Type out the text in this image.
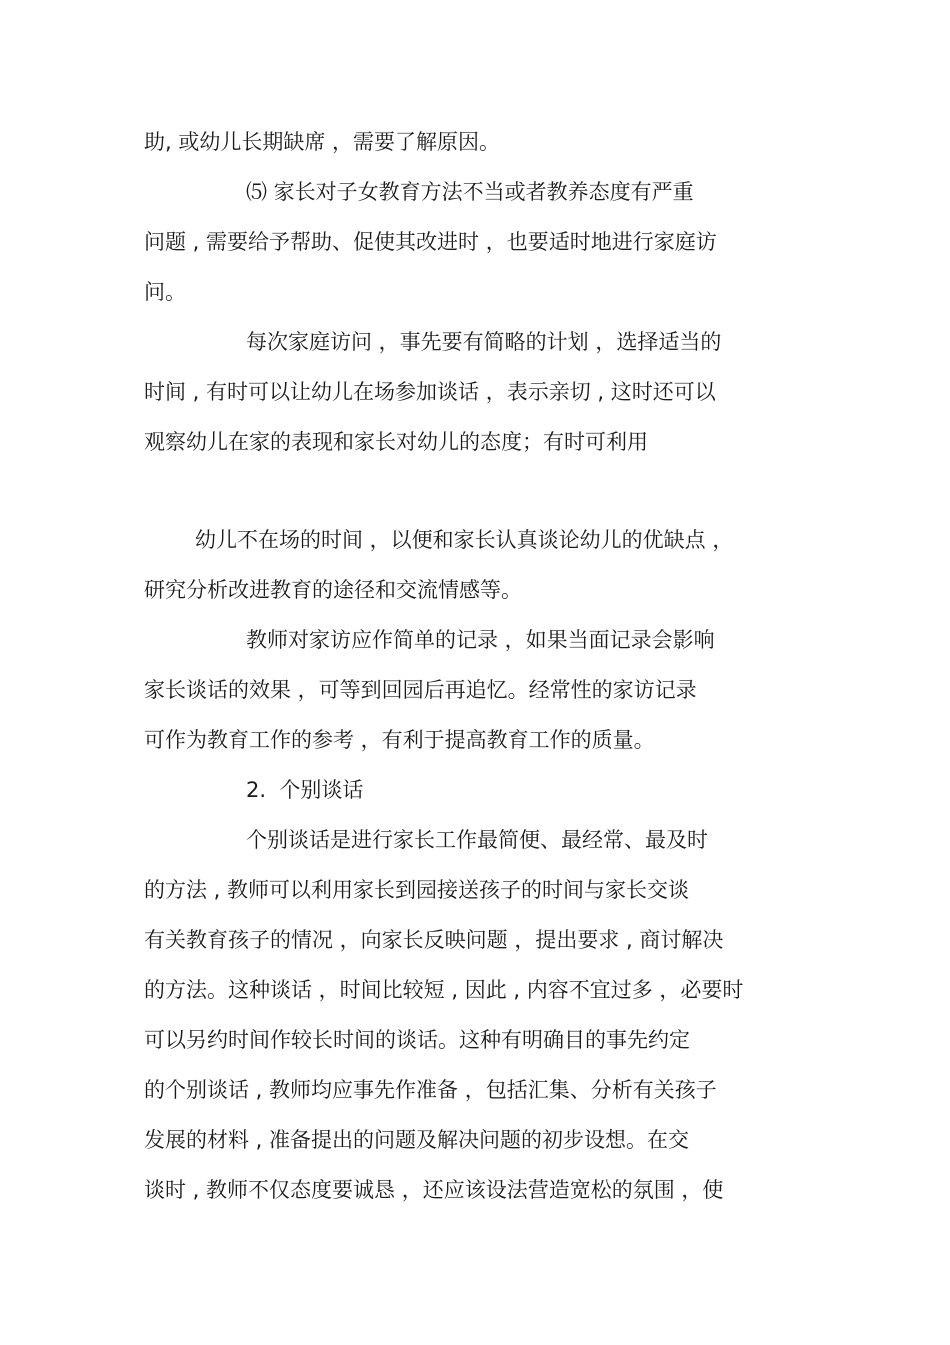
助, 或幼儿长期缺席 ，需要了解原因。
⑸ 家长对子女教育方法不当或者教养态度有严重
问题 , 需要给予帮助、促使其改进时 ，也要适时地进行家庭访
问。
每次家庭访问 ，事先要有简略的计划 ，选择适当的
时间 , 有时可以让幼儿在场参加谈话 ，表示亲切 , 这时还可以
观察幼儿在家的表现和家长对幼儿的态度；有时可利用
幼儿不在场的时间 ，以便和家长认真谈论幼儿的优缺点 ，
研究分析改进教育的途径和交流情感等。
教师对家访应作简单的记录 ，如果当面记录会影响
家长谈话的效果 ，可等到回园后再追忆。经常性的家访记录
可作为教育工作的参考 ，有利于提高教育工作的质量。
2.  个别谈话
个别谈话是进行家长工作最简便、最经常、最及时
的方法 , 教师可以利用家长到园接送孩子的时间与家长交谈
有关教育孩子的情况 ，向家长反映问题 ，提出要求 , 商讨解决
的方法。这种谈话 ，时间比较短 , 因此 , 内容不宜过多 ，必要时
可以另约时间作较长时间的谈话。这种有明确目的事先约定
的个别谈话 , 教师均应事先作准备 ，包括汇集、分析有关孩子
发展的材料 , 准备提出的问题及解决问题的初步设想。在交
谈时 , 教师不仅态度要诚恳 ，还应该设法营造宽松的氛围 ，使
